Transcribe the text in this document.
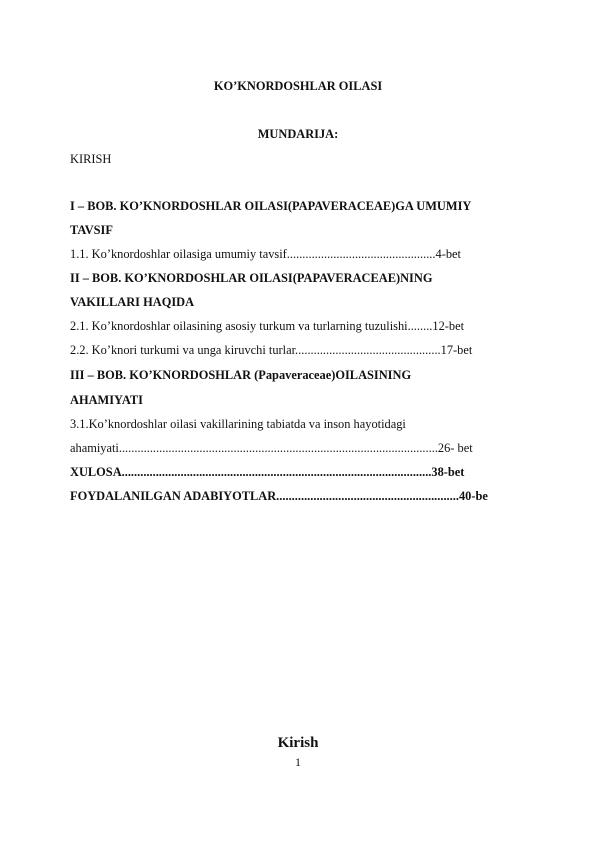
KO’KNORDOSHLAR OILASI
MUNDARIJA:
KIRISH
I – BOB. KO’KNORDOSHLAR OILASI(PAPAVERACEAE)GA UMUMIY
TAVSIF
1.1. Ko’knordoshlar oilasiga umumiy tavsif................................................4-bet
II – BOB. KO’KNORDOSHLAR OILASI(PAPAVERACEAE)NING
VAKILLARI HAQIDA
2.1. Ko’knordoshlar oilasining asosiy turkum va turlarning tuzulishi........12-bet
2.2. Ko’knori turkumi va unga kiruvchi turlar...............................................17-bet
III – BOB. KO’KNORDOSHLAR (Papaveraceae)OILASINING
AHAMIYATI
3.1.Ko’knordoshlar oilasi vakillarining tabiatda va inson hayotidagi
ahamiyati.......................................................................................................26- bet
XULOSA....................................................................................................38-bet
FOYDALANILGAN ADABIYOTLAR...........................................................40-be
Kirish
1
